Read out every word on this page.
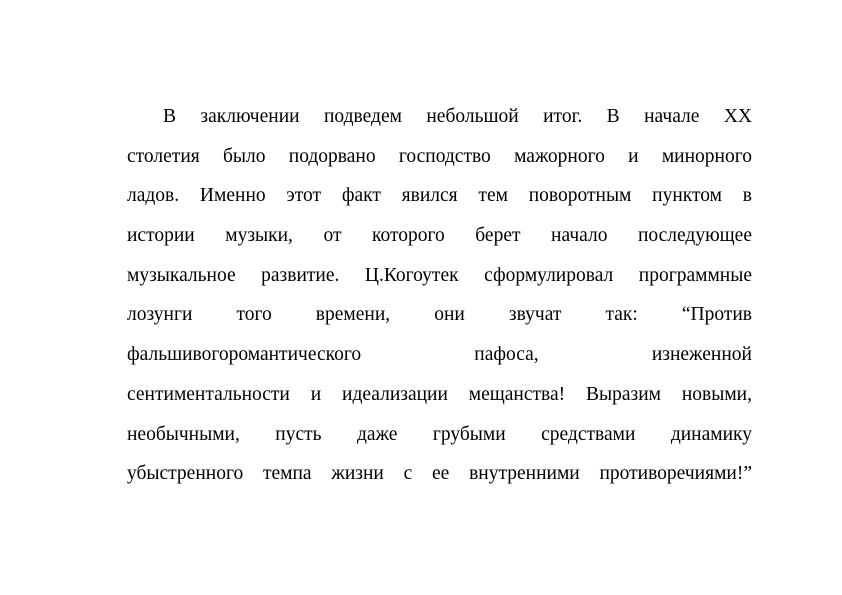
В заключении подведем небольшой итог. В начале XX
столетия было подорвано господство мажорного и минорного
ладов. Именно этот факт явился тем поворотным пунктом в
истории музыки, от которого берет начало последующее
музыкальное развитие. Ц.Когоутек сформулировал программные
лозунги того времени, они звучат так: “Против
фальшивогоромантического пафоса, изнеженной
сентиментальности и идеализации мещанства! Выразим новыми,
необычными, пусть даже грубыми средствами динамику
убыстренного темпа жизни с ее внутренними противоречиями!”
